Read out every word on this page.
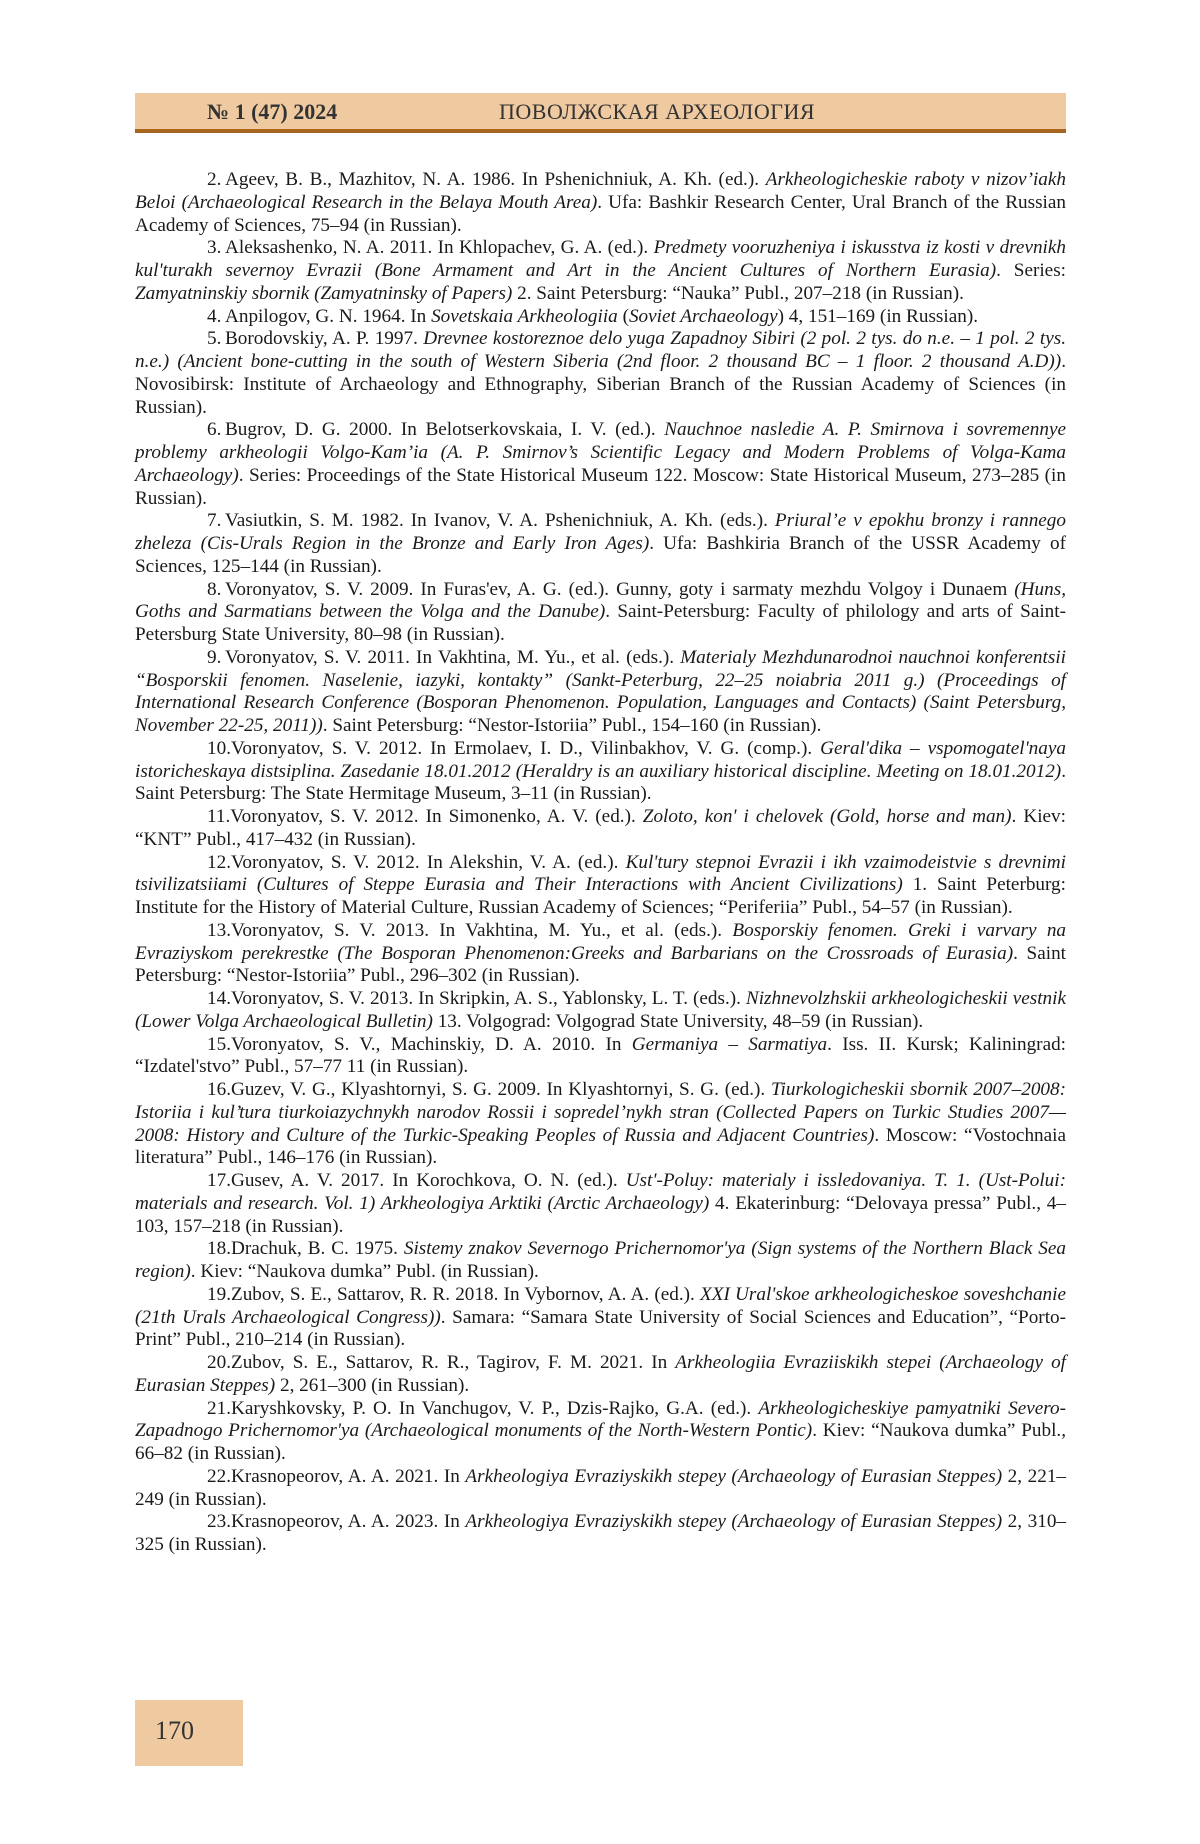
№ 1 (47) 2024	ПОВОЛЖСКАЯ АРХЕОЛОГИЯ

2. Ageev, B. B., Mazhitov, N. A. 1986. In Pshenichniuk, A. Kh. (ed.). Arkheologicheskie raboty v nizov’iakh Beloi (Archaeological Research in the Belaya Mouth Area). Ufa: Bashkir Research Center, Ural Branch of the Russian Academy of Sciences, 75–94 (in Russian).

3. Aleksashenko, N. A. 2011. In Khlopachev, G. A. (ed.). Predmety vooruzheniya i iskusstva iz kosti v drevnikh kul'turakh severnoy Evrazii (Bone Armament and Art in the Ancient Cultures of Northern Eurasia). Series: Zamyatninskiy sbornik (Zamyatninsky of Papers) 2. Saint Petersburg: “Nauka” Publ., 207–218 (in Russian).

4. Anpilogov, G. N. 1964. In Sovetskaia Arkheologiia (Soviet Archaeology) 4, 151–169 (in Russian).

5. Borodovskiy, A. P. 1997. Drevnee kostoreznoe delo yuga Zapadnoy Sibiri (2 pol. 2 tys. do n.e. – 1 pol. 2 tys. n.e.) (Ancient bone-cutting in the south of Western Siberia (2nd floor. 2 thousand BC – 1 floor. 2 thousand A.D)). Novosibirsk: Institute of Archaeology and Ethnography, Siberian Branch of the Russian Academy of Sciences (in Russian).

6. Bugrov, D. G. 2000. In Belotserkovskaia, I. V. (ed.). Nauchnoe nasledie A. P. Smirnova i sovremennye problemy arkheologii Volgo-Kam’ia (A. P. Smirnov’s Scientific Legacy and Modern Problems of Volga-Kama Archaeology). Series: Proceedings of the State Historical Museum 122. Moscow: State Historical Museum, 273–285 (in Russian).

7. Vasiutkin, S. M. 1982. In Ivanov, V. A. Pshenichniuk, A. Kh. (eds.). Priural’e v epokhu bronzy i rannego zheleza (Cis-Urals Region in the Bronze and Early Iron Ages). Ufa: Bashkiria Branch of the USSR Academy of Sciences, 125–144 (in Russian).

8. Voronyatov, S. V. 2009. In Furas'ev, A. G. (ed.). Gunny, goty i sarmaty mezhdu Volgoy i Dunaem (Huns, Goths and Sarmatians between the Volga and the Danube). Saint-Petersburg: Faculty of philology and arts of Saint-Petersburg State University, 80–98 (in Russian).

9. Voronyatov, S. V. 2011. In Vakhtina, M. Yu., et al. (eds.). Materialy Mezhdunarodnoi nauchnoi konferentsii “Bosporskii fenomen. Naselenie, iazyki, kontakty” (Sankt-Peterburg, 22–25 noiabria 2011 g.) (Proceedings of International Research Conference (Bosporan Phenomenon. Population, Languages and Contacts) (Saint Petersburg, November 22-25, 2011)). Saint Petersburg: “Nestor-Istoriia” Publ., 154–160 (in Russian).

10.Voronyatov, S. V. 2012. In Ermolaev, I. D., Vilinbakhov, V. G. (comp.). Geral'dika – vspomogatel'naya istoricheskaya distsiplina. Zasedanie 18.01.2012 (Heraldry is an auxiliary historical discipline. Meeting on 18.01.2012). Saint Petersburg: The State Hermitage Museum, 3–11 (in Russian).

11.Voronyatov, S. V. 2012. In Simonenko, A. V. (ed.). Zoloto, kon' i chelovek (Gold, horse and man). Kiev: “KNT” Publ., 417–432 (in Russian).

12.Voronyatov, S. V. 2012. In Alekshin, V. A. (ed.). Kul'tury stepnoi Evrazii i ikh vzaimodeistvie s drevnimi tsivilizatsiiami (Cultures of Steppe Eurasia and Their Interactions with Ancient Civilizations) 1. Saint Peterburg: Institute for the History of Material Culture, Russian Academy of Sciences; “Periferiia” Publ., 54–57 (in Russian).

13.Voronyatov, S. V. 2013. In Vakhtina, M. Yu., et al. (eds.). Bosporskiy fenomen. Greki i varvary na Evraziyskom perekrestke (The Bosporan Phenomenon:Greeks and Barbarians on the Crossroads of Eurasia). Saint Petersburg: “Nestor-Istoriia” Publ., 296–302 (in Russian).

14.Voronyatov, S. V. 2013. In Skripkin, A. S., Yablonsky, L. T. (eds.). Nizhnevolzhskii arkheologicheskii vestnik (Lower Volga Archaeological Bulletin) 13. Volgograd: Volgograd State University, 48–59 (in Russian).

15.Voronyatov, S. V., Machinskiy, D. A. 2010. In Germaniya – Sarmatiya. Iss. II. Kursk; Kaliningrad: “Izdatel'stvo” Publ., 57–77 11 (in Russian).

16.Guzev, V. G., Klyashtornyi, S. G. 2009. In Klyashtornyi, S. G. (ed.). Tiurkologicheskii sbornik 2007–2008: Istoriia i kul’tura tiurkoiazychnykh narodov Rossii i sopredel’nykh stran (Collected Papers on Turkic Studies 2007—2008: History and Culture of the Turkic-Speaking Peoples of Russia and Adjacent Countries). Moscow: “Vostochnaia literatura” Publ., 146–176 (in Russian).

17.Gusev, A. V. 2017. In Korochkova, O. N. (ed.). Ust'-Poluy: materialy i issledovaniya. T. 1. (Ust-Polui: materials and research. Vol. 1) Arkheologiya Arktiki (Arctic Archaeology) 4. Ekaterinburg: “Delovaya pressa” Publ., 4–103, 157–218 (in Russian).

18.Drachuk, B. C. 1975. Sistemy znakov Severnogo Prichernomor'ya (Sign systems of the Northern Black Sea region). Kiev: “Naukova dumka” Publ. (in Russian).

19.Zubov, S. E., Sattarov, R. R. 2018. In Vybornov, A. A. (ed.). XXI Ural'skoe arkheologicheskoe soveshchanie (21th Urals Archaeological Congress)). Samara: “Samara State University of Social Sciences and Education”, “Porto-Print” Publ., 210–214 (in Russian).

20.Zubov, S. E., Sattarov, R. R., Tagirov, F. M. 2021. In Arkheologiia Evraziiskikh stepei (Archaeology of Eurasian Steppes) 2, 261–300 (in Russian).

21.Karyshkovsky, P. O. In Vanchugov, V. P., Dzis-Rajko, G.A. (ed.). Arkheologicheskiye pamyatniki Severo-Zapadnogo Prichernomor'ya (Archaeological monuments of the North-Western Pontic). Kiev: “Naukova dumka” Publ., 66–82 (in Russian).

22.Krasnopeorov, A. A. 2021. In Arkheologiya Evraziyskikh stepey (Archaeology of Eurasian Steppes) 2, 221–249 (in Russian).

23.Krasnopeorov, A. A. 2023. In Arkheologiya Evraziyskikh stepey (Archaeology of Eurasian Steppes) 2, 310–325 (in Russian).

170
